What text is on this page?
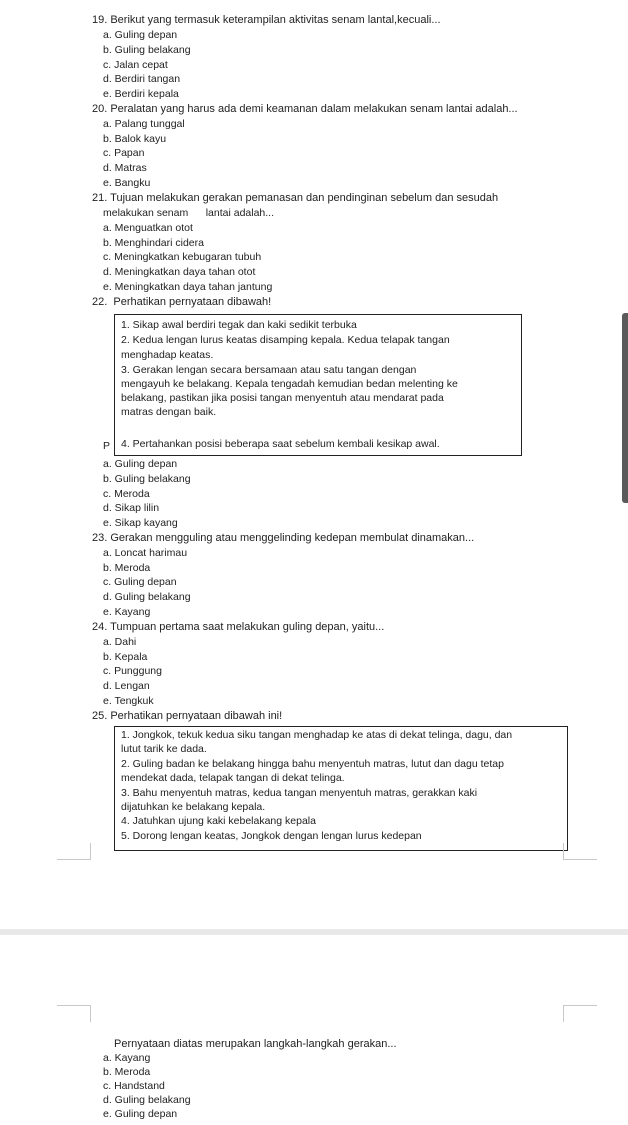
19. Berikut yang termasuk keterampilan aktivitas senam lantal,kecuali...
a. Guling depan
b. Guling belakang
c. Jalan cepat
d. Berdiri tangan
e. Berdiri kepala
20. Peralatan yang harus ada demi keamanan dalam melakukan senam lantai adalah...
a. Palang tunggal
b. Balok kayu
c. Papan
d. Matras
e. Bangku
21. Tujuan melakukan gerakan pemanasan dan pendinginan sebelum dan sesudah
melakukan senam      lantai adalah...
a. Menguatkan otot
b. Menghindari cidera
c. Meningkatkan kebugaran tubuh
d. Meningkatkan daya tahan otot
e. Meningkatkan daya tahan jantung
22.  Perhatikan pernyataan dibawah!
P
1. Sikap awal berdiri tegak dan kaki sedikit terbuka
2. Kedua lengan lurus keatas disamping kepala. Kedua telapak tangan
menghadap keatas.
3. Gerakan lengan secara bersamaan atau satu tangan dengan
mengayuh ke belakang. Kepala tengadah kemudian bedan melenting ke
belakang, pastikan jika posisi tangan menyentuh atau mendarat pada
matras dengan baik.
4. Pertahankan posisi beberapa saat sebelum kembali kesikap awal.
a. Guling depan
b. Guling belakang
c. Meroda
d. Sikap lilin
e. Sikap kayang
23. Gerakan mengguling atau menggelinding kedepan membulat dinamakan...
a. Loncat harimau
b. Meroda
c. Guling depan
d. Guling belakang
e. Kayang
24. Tumpuan pertama saat melakukan guling depan, yaitu...
a. Dahi
b. Kepala
c. Punggung
d. Lengan
e. Tengkuk
25. Perhatikan pernyataan dibawah ini!
1. Jongkok, tekuk kedua siku tangan menghadap ke atas di dekat telinga, dagu, dan
lutut tarik ke dada.
2. Guling badan ke belakang hingga bahu menyentuh matras, lutut dan dagu tetap
mendekat dada, telapak tangan di dekat telinga.
3. Bahu menyentuh matras, kedua tangan menyentuh matras, gerakkan kaki
dijatuhkan ke belakang kepala.
4. Jatuhkan ujung kaki kebelakang kepala
5. Dorong lengan keatas, Jongkok dengan lengan lurus kedepan
Pernyataan diatas merupakan langkah-langkah gerakan...
a. Kayang
b. Meroda
c. Handstand
d. Guling belakang
e. Guling depan
